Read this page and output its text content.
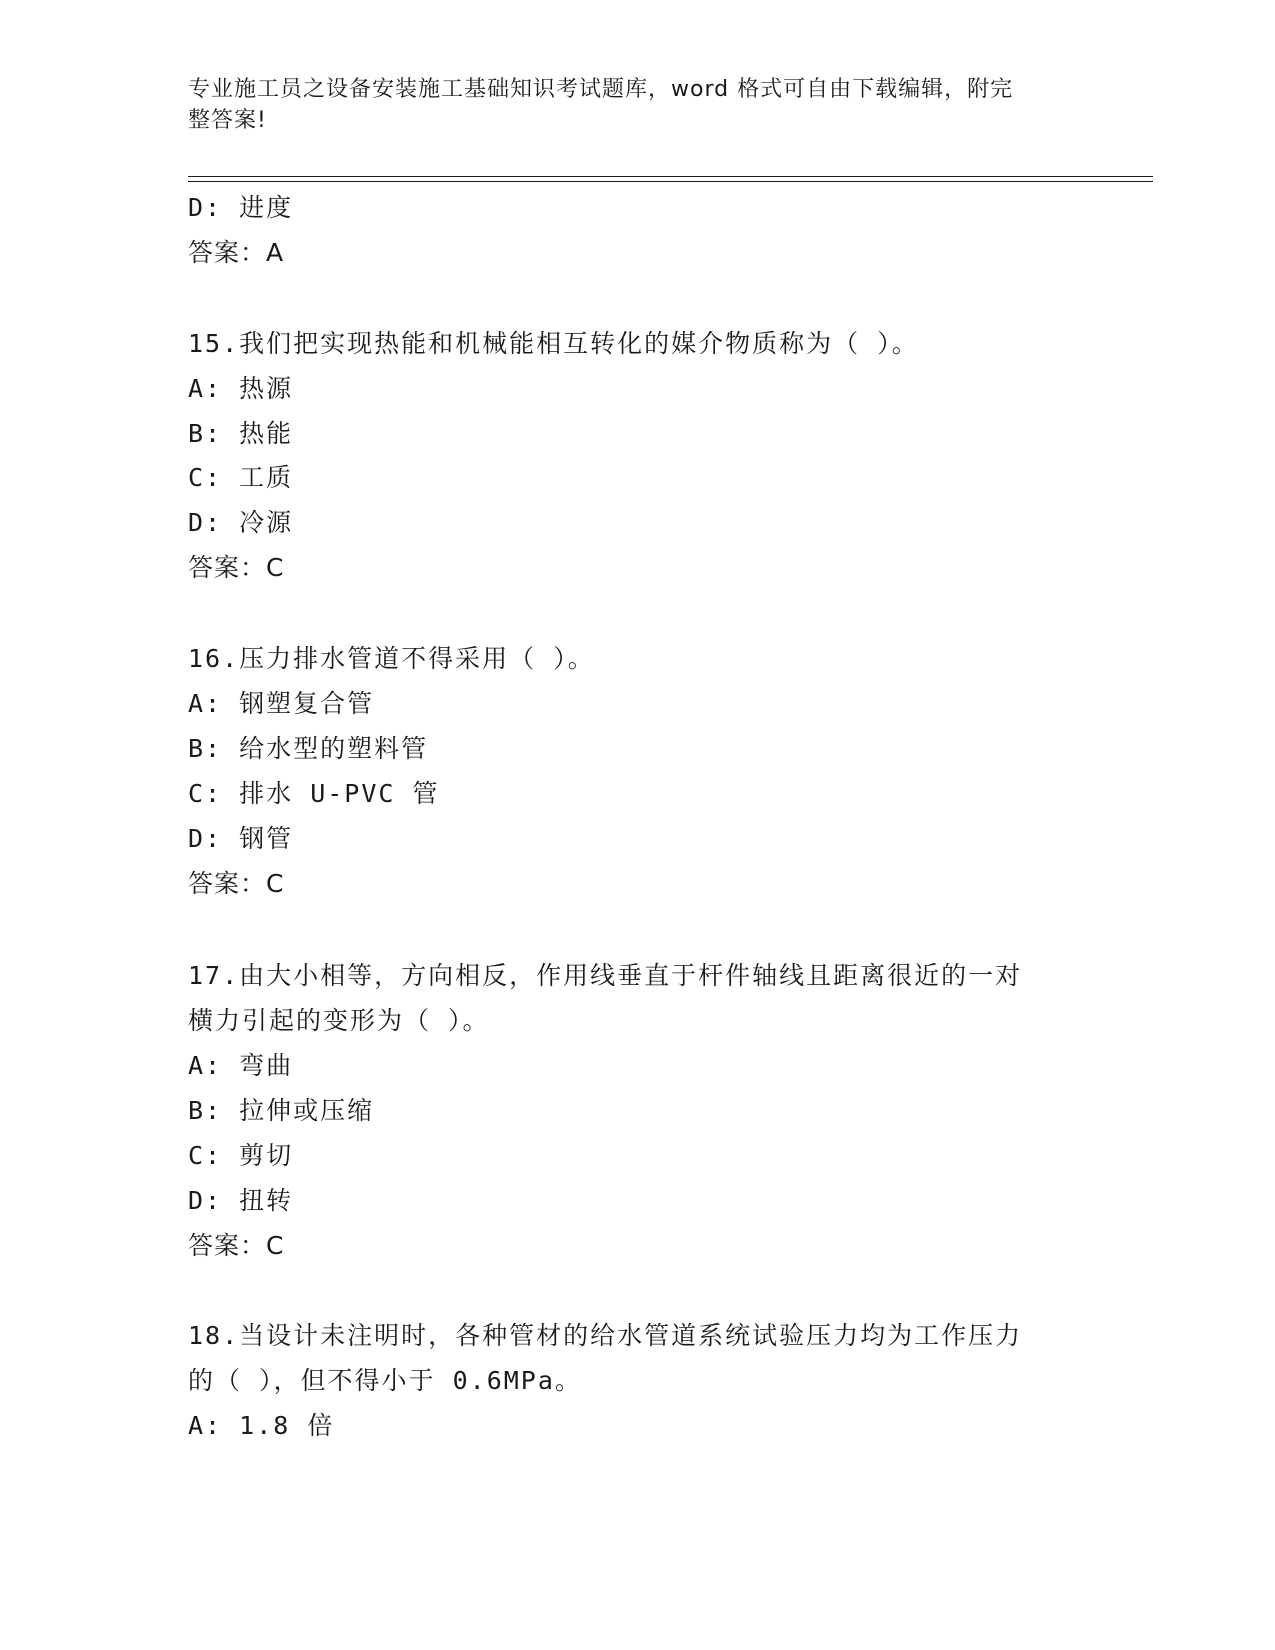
专业施工员之设备安装施工基础知识考试题库，word 格式可自由下载编辑，附完
整答案!
D: 进度
答案：A
15.我们把实现热能和机械能相互转化的媒介物质称为（ ）。
A: 热源
B: 热能
C: 工质
D: 冷源
答案：C
16.压力排水管道不得采用（ ）。
A: 钢塑复合管
B: 给水型的塑料管
C: 排水 U-PVC 管
D: 钢管
答案：C
17.由大小相等，方向相反，作用线垂直于杆件轴线且距离很近的一对
横力引起的变形为（ ）。
A: 弯曲
B: 拉伸或压缩
C: 剪切
D: 扭转
答案：C
18.当设计未注明时，各种管材的给水管道系统试验压力均为工作压力
的（ ），但不得小于 0.6MPa。
A: 1.8 倍
